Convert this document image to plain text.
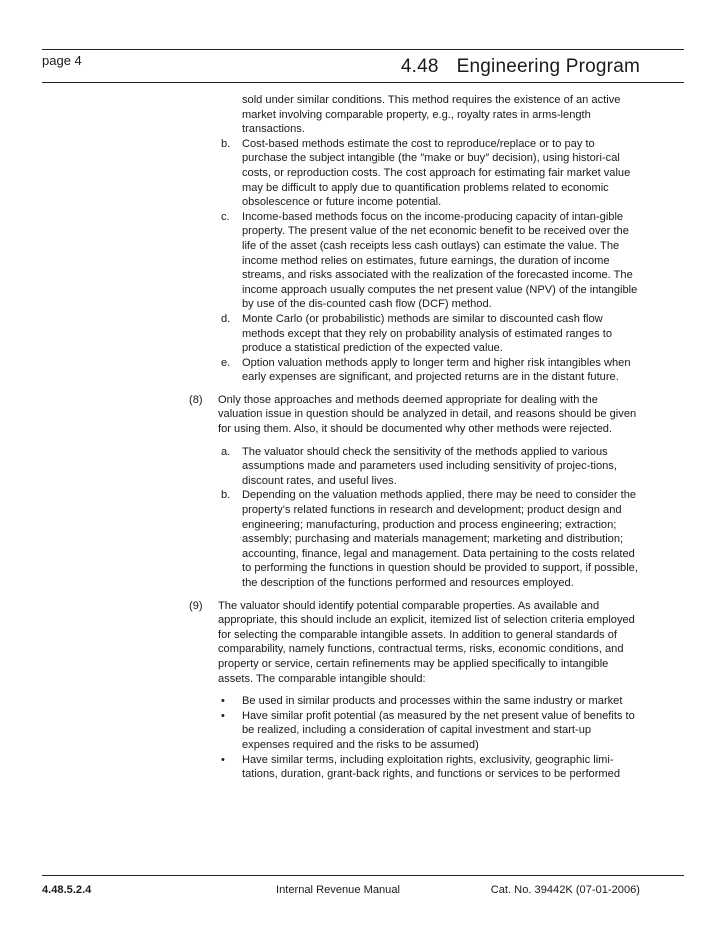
page 4	4.48 Engineering Program
sold under similar conditions. This method requires the existence of an active market involving comparable property, e.g., royalty rates in arms-length transactions.
b. Cost-based methods estimate the cost to reproduce/replace or to pay to purchase the subject intangible (the ″make or buy″ decision), using histori-cal costs, or reproduction costs. The cost approach for estimating fair market value may be difficult to apply due to quantification problems related to economic obsolescence or future income potential.
c. Income-based methods focus on the income-producing capacity of intan-gible property. The present value of the net economic benefit to be received over the life of the asset (cash receipts less cash outlays) can estimate the value. The income method relies on estimates, future earnings, the duration of income streams, and risks associated with the realization of the forecasted income. The income approach usually computes the net present value (NPV) of the intangible by use of the dis-counted cash flow (DCF) method.
d. Monte Carlo (or probabilistic) methods are similar to discounted cash flow methods except that they rely on probability analysis of estimated ranges to produce a statistical prediction of the expected value.
e. Option valuation methods apply to longer term and higher risk intangibles when early expenses are significant, and projected returns are in the distant future.
(8) Only those approaches and methods deemed appropriate for dealing with the valuation issue in question should be analyzed in detail, and reasons should be given for using them. Also, it should be documented why other methods were rejected.
a. The valuator should check the sensitivity of the methods applied to various assumptions made and parameters used including sensitivity of projec-tions, discount rates, and useful lives.
b. Depending on the valuation methods applied, there may be need to consider the property's related functions in research and development; product design and engineering; manufacturing, production and process engineering; extraction; assembly; purchasing and materials management; marketing and distribution; accounting, finance, legal and management. Data pertaining to the costs related to performing the functions in question should be provided to support, if possible, the description of the functions performed and resources employed.
(9) The valuator should identify potential comparable properties. As available and appropriate, this should include an explicit, itemized list of selection criteria employed for selecting the comparable intangible assets. In addition to general standards of comparability, namely functions, contractual terms, risks, economic conditions, and property or service, certain refinements may be applied specifically to intangible assets. The comparable intangible should:
• Be used in similar products and processes within the same industry or market
• Have similar profit potential (as measured by the net present value of benefits to be realized, including a consideration of capital investment and start-up expenses required and the risks to be assumed)
• Have similar terms, including exploitation rights, exclusivity, geographic limi-tations, duration, grant-back rights, and functions or services to be performed
4.48.5.2.4	Internal Revenue Manual	Cat. No. 39442K (07-01-2006)
